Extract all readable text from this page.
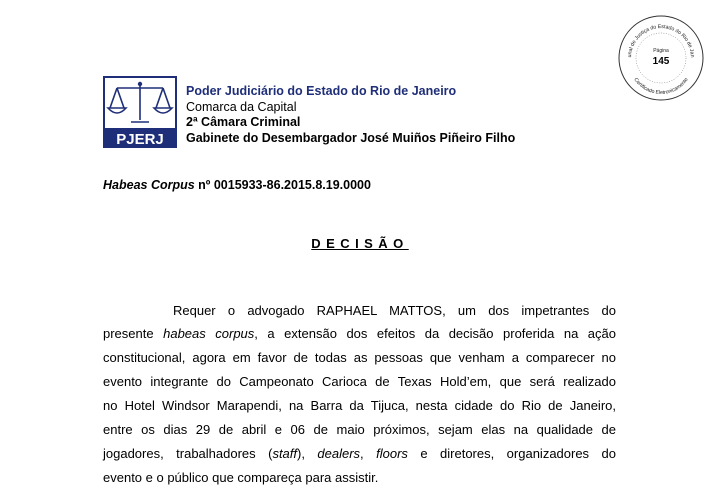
unal de Justiça do Estado do Rio de Jan
Certificado Eletronicamente
Página
145
PJERJ
Poder Judiciário do Estado do Rio de Janeiro
Comarca da Capital
2ª Câmara Criminal
Gabinete do Desembargador José Muiños Piñeiro Filho
Habeas Corpus nº 0015933-86.2015.8.19.0000
DECISÃO
Requer o advogado RAPHAEL MATTOS, um dos impetrantes do
presente habeas corpus, a extensão dos efeitos da decisão proferida na ação
constitucional, agora em favor de todas as pessoas que venham a comparecer no
evento integrante do Campeonato Carioca de Texas Hold’em, que será realizado
no Hotel Windsor Marapendi, na Barra da Tijuca, nesta cidade do Rio de Janeiro,
entre os dias 29 de abril e 06 de maio próximos, sejam elas na qualidade de
jogadores, trabalhadores (staff), dealers, floors e diretores, organizadores do
evento e o público que compareça para assistir.
